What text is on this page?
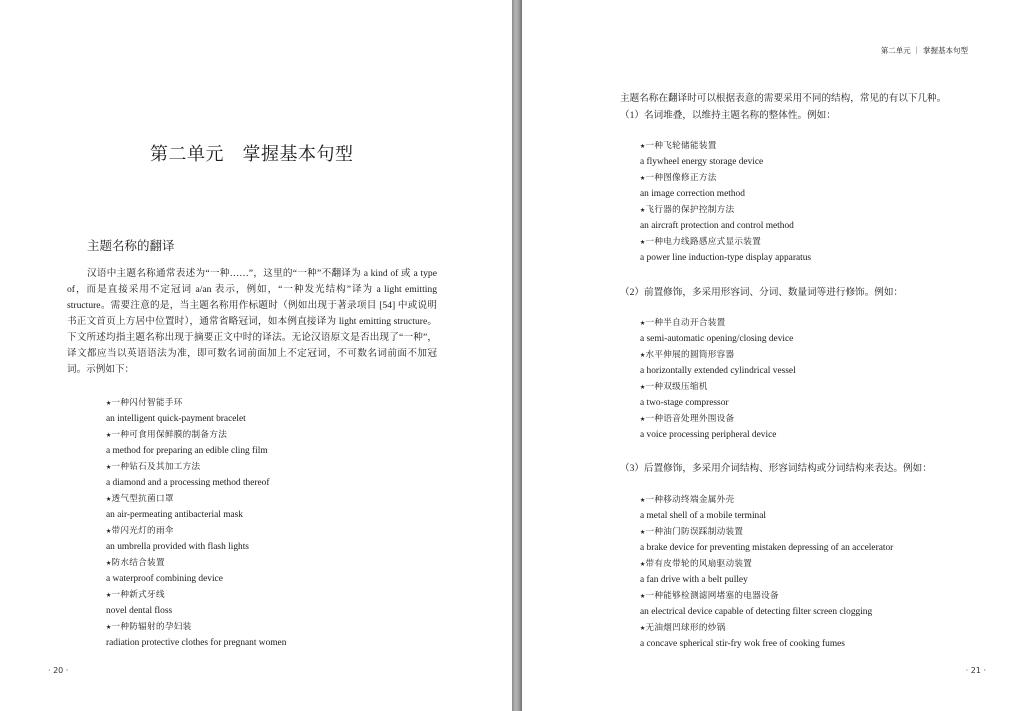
第二单元　掌握基本句型
主题名称的翻译

汉语中主题名称通常表述为“一种……”，这里的“一种”不翻译为 a kind of 或 a type of，而是直接采用不定冠词 a/an 表示，例如，“一种发光结构”译为 a light emitting structure。需要注意的是，当主题名称用作标题时（例如出现于著录项目 [54] 中或说明书正文首页上方居中位置时），通常省略冠词，如本例直接译为 light emitting structure。下文所述均指主题名称出现于摘要正文中时的译法。无论汉语原文是否出现了“一种”，译文都应当以英语语法为准，即可数名词前面加上不定冠词，不可数名词前面不加冠词。示例如下：

★一种闪付智能手环
an intelligent quick-payment bracelet
★一种可食用保鲜膜的制备方法
a method for preparing an edible cling film
★一种钻石及其加工方法
a diamond and a processing method thereof
★透气型抗菌口罩
an air-permeating antibacterial mask
★带闪光灯的雨伞
an umbrella provided with flash lights
★防水结合装置
a waterproof combining device
★一种新式牙线
novel dental floss
★一种防辐射的孕妇装
radiation protective clothes for pregnant women
· 20 ·
第二单元 ｜ 掌握基本句型
主题名称在翻译时可以根据表意的需要采用不同的结构，常见的有以下几种。
（1）名词堆叠，以维持主题名称的整体性。例如：
★一种飞轮储能装置
a flywheel energy storage device
★一种图像修正方法
an image correction method
★飞行器的保护控制方法
an aircraft protection and control method
★一种电力线路感应式显示装置
a power line induction-type display apparatus
（2）前置修饰，多采用形容词、分词、数量词等进行修饰。例如：
★一种半自动开合装置
a semi-automatic opening/closing device
★水平伸展的圆筒形容器
a horizontally extended cylindrical vessel
★一种双级压缩机
a two-stage compressor
★一种语音处理外围设备
a voice processing peripheral device
（3）后置修饰，多采用介词结构、形容词结构或分词结构来表达。例如：
★一种移动终端金属外壳
a metal shell of a mobile terminal
★一种油门防误踩制动装置
a brake device for preventing mistaken depressing of an accelerator
★带有皮带轮的风扇驱动装置
a fan drive with a belt pulley
★一种能够检测滤网堵塞的电器设备
an electrical device capable of detecting filter screen clogging
★无油烟凹球形的炒锅
a concave spherical stir-fry wok free of cooking fumes
· 21 ·
